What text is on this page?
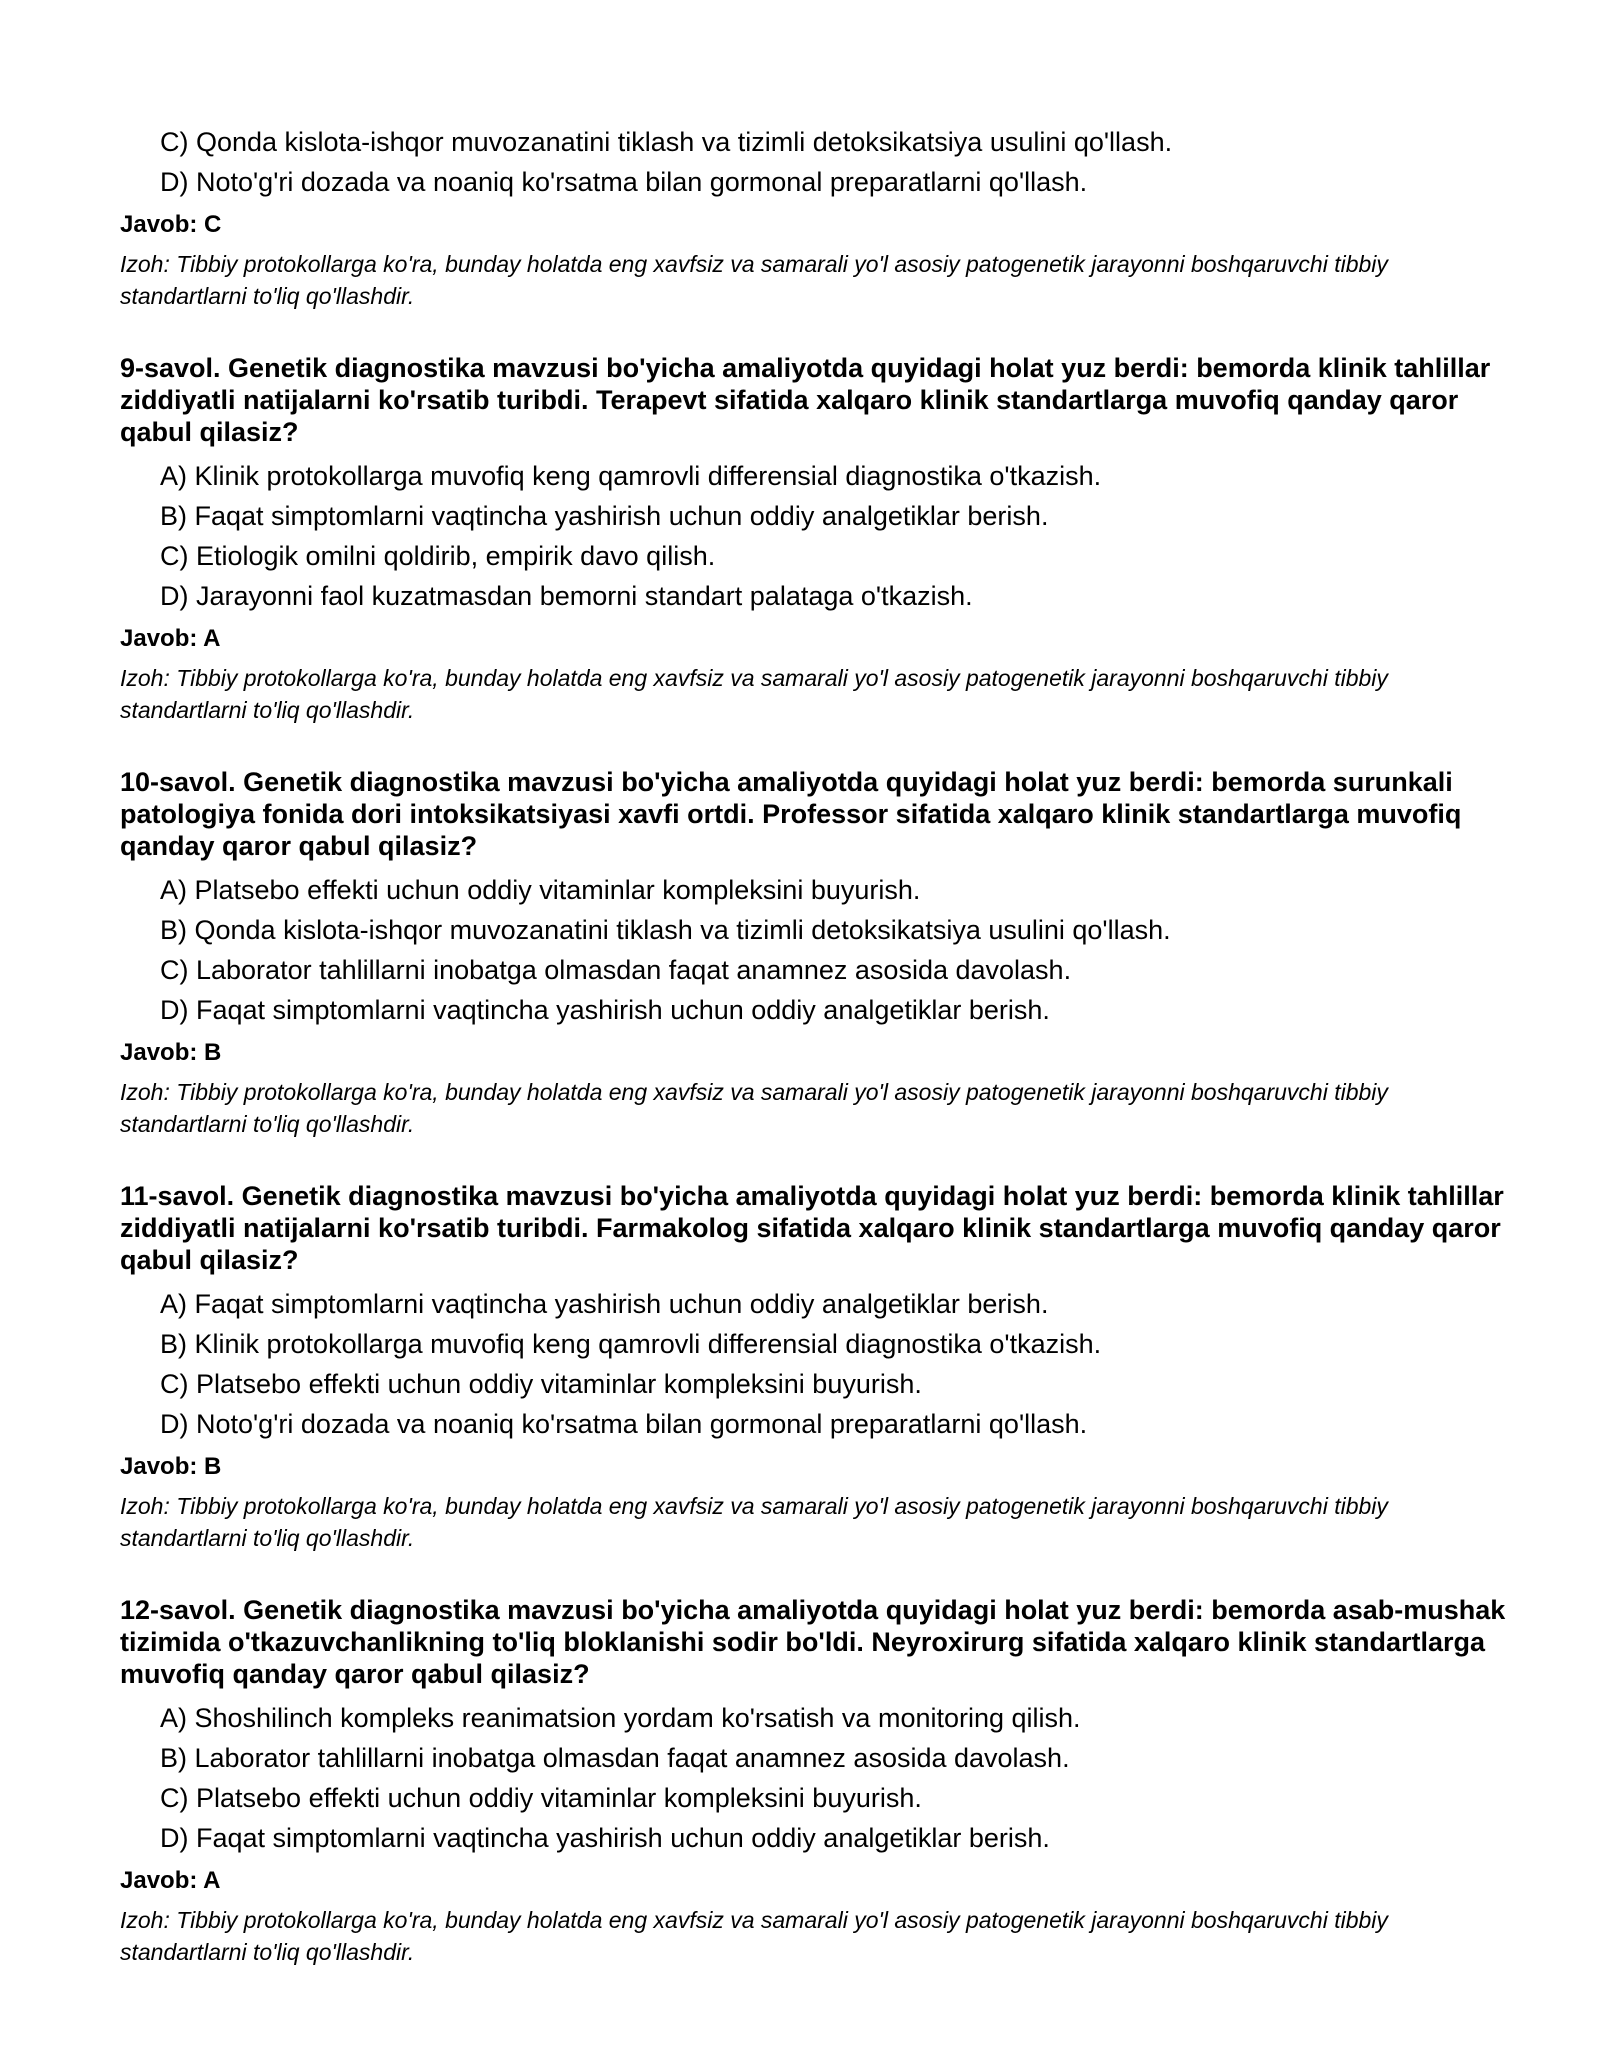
C) Qonda kislota-ishqor muvozanatini tiklash va tizimli detoksikatsiya usulini qo'llash.
D) Noto'g'ri dozada va noaniq ko'rsatma bilan gormonal preparatlarni qo'llash.
Javob: C
Izoh: Tibbiy protokollarga ko'ra, bunday holatda eng xavfsiz va samarali yo'l asosiy patogenetik jarayonni boshqaruvchi tibbiy standartlarni to'liq qo'llashdir.
9-savol. Genetik diagnostika mavzusi bo'yicha amaliyotda quyidagi holat yuz berdi: bemorda klinik tahlillar ziddiyatli natijalarni ko'rsatib turibdi. Terapevt sifatida xalqaro klinik standartlarga muvofiq qanday qaror qabul qilasiz?
A) Klinik protokollarga muvofiq keng qamrovli differensial diagnostika o'tkazish.
B) Faqat simptomlarni vaqtincha yashirish uchun oddiy analgetiklar berish.
C) Etiologik omilni qoldirib, empirik davo qilish.
D) Jarayonni faol kuzatmasdan bemorni standart palataga o'tkazish.
Javob: A
Izoh: Tibbiy protokollarga ko'ra, bunday holatda eng xavfsiz va samarali yo'l asosiy patogenetik jarayonni boshqaruvchi tibbiy standartlarni to'liq qo'llashdir.
10-savol. Genetik diagnostika mavzusi bo'yicha amaliyotda quyidagi holat yuz berdi: bemorda surunkali patologiya fonida dori intoksikatsiyasi xavfi ortdi. Professor sifatida xalqaro klinik standartlarga muvofiq qanday qaror qabul qilasiz?
A) Platsebo effekti uchun oddiy vitaminlar kompleksini buyurish.
B) Qonda kislota-ishqor muvozanatini tiklash va tizimli detoksikatsiya usulini qo'llash.
C) Laborator tahlillarni inobatga olmasdan faqat anamnez asosida davolash.
D) Faqat simptomlarni vaqtincha yashirish uchun oddiy analgetiklar berish.
Javob: B
Izoh: Tibbiy protokollarga ko'ra, bunday holatda eng xavfsiz va samarali yo'l asosiy patogenetik jarayonni boshqaruvchi tibbiy standartlarni to'liq qo'llashdir.
11-savol. Genetik diagnostika mavzusi bo'yicha amaliyotda quyidagi holat yuz berdi: bemorda klinik tahlillar ziddiyatli natijalarni ko'rsatib turibdi. Farmakolog sifatida xalqaro klinik standartlarga muvofiq qanday qaror qabul qilasiz?
A) Faqat simptomlarni vaqtincha yashirish uchun oddiy analgetiklar berish.
B) Klinik protokollarga muvofiq keng qamrovli differensial diagnostika o'tkazish.
C) Platsebo effekti uchun oddiy vitaminlar kompleksini buyurish.
D) Noto'g'ri dozada va noaniq ko'rsatma bilan gormonal preparatlarni qo'llash.
Javob: B
Izoh: Tibbiy protokollarga ko'ra, bunday holatda eng xavfsiz va samarali yo'l asosiy patogenetik jarayonni boshqaruvchi tibbiy standartlarni to'liq qo'llashdir.
12-savol. Genetik diagnostika mavzusi bo'yicha amaliyotda quyidagi holat yuz berdi: bemorda asab-mushak tizimida o'tkazuvchanlikning to'liq bloklanishi sodir bo'ldi. Neyroxirurg sifatida xalqaro klinik standartlarga muvofiq qanday qaror qabul qilasiz?
A) Shoshilinch kompleks reanimatsion yordam ko'rsatish va monitoring qilish.
B) Laborator tahlillarni inobatga olmasdan faqat anamnez asosida davolash.
C) Platsebo effekti uchun oddiy vitaminlar kompleksini buyurish.
D) Faqat simptomlarni vaqtincha yashirish uchun oddiy analgetiklar berish.
Javob: A
Izoh: Tibbiy protokollarga ko'ra, bunday holatda eng xavfsiz va samarali yo'l asosiy patogenetik jarayonni boshqaruvchi tibbiy standartlarni to'liq qo'llashdir.
